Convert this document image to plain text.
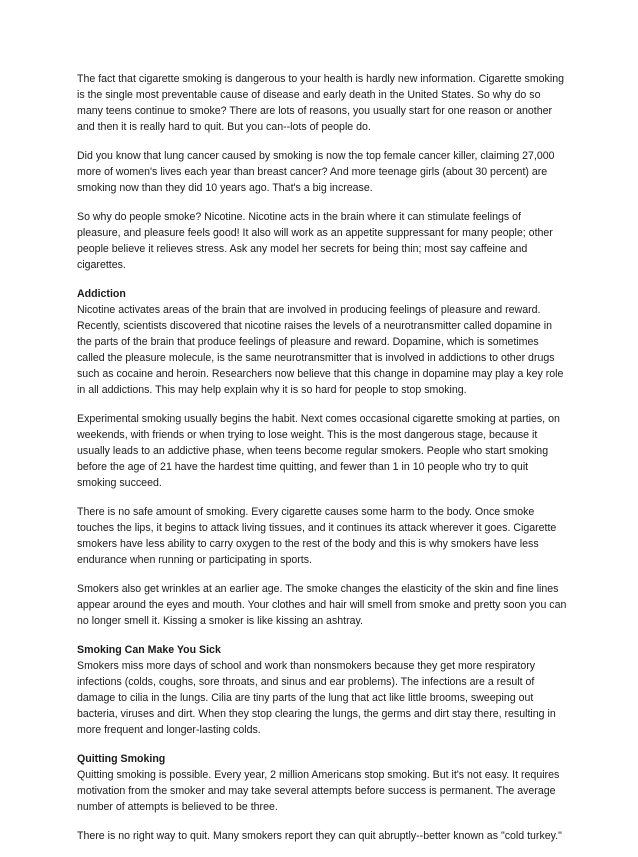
The fact that cigarette smoking is dangerous to your health is hardly new information. Cigarette smoking is the single most preventable cause of disease and early death in the United States. So why do so many teens continue to smoke? There are lots of reasons, you usually start for one reason or another and then it is really hard to quit. But you can--lots of people do.

Did you know that lung cancer caused by smoking is now the top female cancer killer, claiming 27,000 more of women's lives each year than breast cancer? And more teenage girls (about 30 percent) are smoking now than they did 10 years ago. That's a big increase.

So why do people smoke? Nicotine. Nicotine acts in the brain where it can stimulate feelings of pleasure, and pleasure feels good! It also will work as an appetite suppressant for many people; other people believe it relieves stress. Ask any model her secrets for being thin; most say caffeine and cigarettes.

Addiction

Nicotine activates areas of the brain that are involved in producing feelings of pleasure and reward. Recently, scientists discovered that nicotine raises the levels of a neurotransmitter called dopamine in the parts of the brain that produce feelings of pleasure and reward. Dopamine, which is sometimes called the pleasure molecule, is the same neurotransmitter that is involved in addictions to other drugs such as cocaine and heroin. Researchers now believe that this change in dopamine may play a key role in all addictions. This may help explain why it is so hard for people to stop smoking.

Experimental smoking usually begins the habit. Next comes occasional cigarette smoking at parties, on weekends, with friends or when trying to lose weight. This is the most dangerous stage, because it usually leads to an addictive phase, when teens become regular smokers. People who start smoking before the age of 21 have the hardest time quitting, and fewer than 1 in 10 people who try to quit smoking succeed.

There is no safe amount of smoking. Every cigarette causes some harm to the body. Once smoke touches the lips, it begins to attack living tissues, and it continues its attack wherever it goes. Cigarette smokers have less ability to carry oxygen to the rest of the body and this is why smokers have less endurance when running or participating in sports.

Smokers also get wrinkles at an earlier age. The smoke changes the elasticity of the skin and fine lines appear around the eyes and mouth. Your clothes and hair will smell from smoke and pretty soon you can no longer smell it. Kissing a smoker is like kissing an ashtray.

Smoking Can Make You Sick

Smokers miss more days of school and work than nonsmokers because they get more respiratory infections (colds, coughs, sore throats, and sinus and ear problems). The infections are a result of damage to cilia in the lungs. Cilia are tiny parts of the lung that act like little brooms, sweeping out bacteria, viruses and dirt. When they stop clearing the lungs, the germs and dirt stay there, resulting in more frequent and longer-lasting colds.

Quitting Smoking

Quitting smoking is possible. Every year, 2 million Americans stop smoking. But it's not easy. It requires motivation from the smoker and may take several attempts before success is permanent. The average number of attempts is believed to be three.

There is no right way to quit. Many smokers report they can quit abruptly--better known as "cold turkey."
